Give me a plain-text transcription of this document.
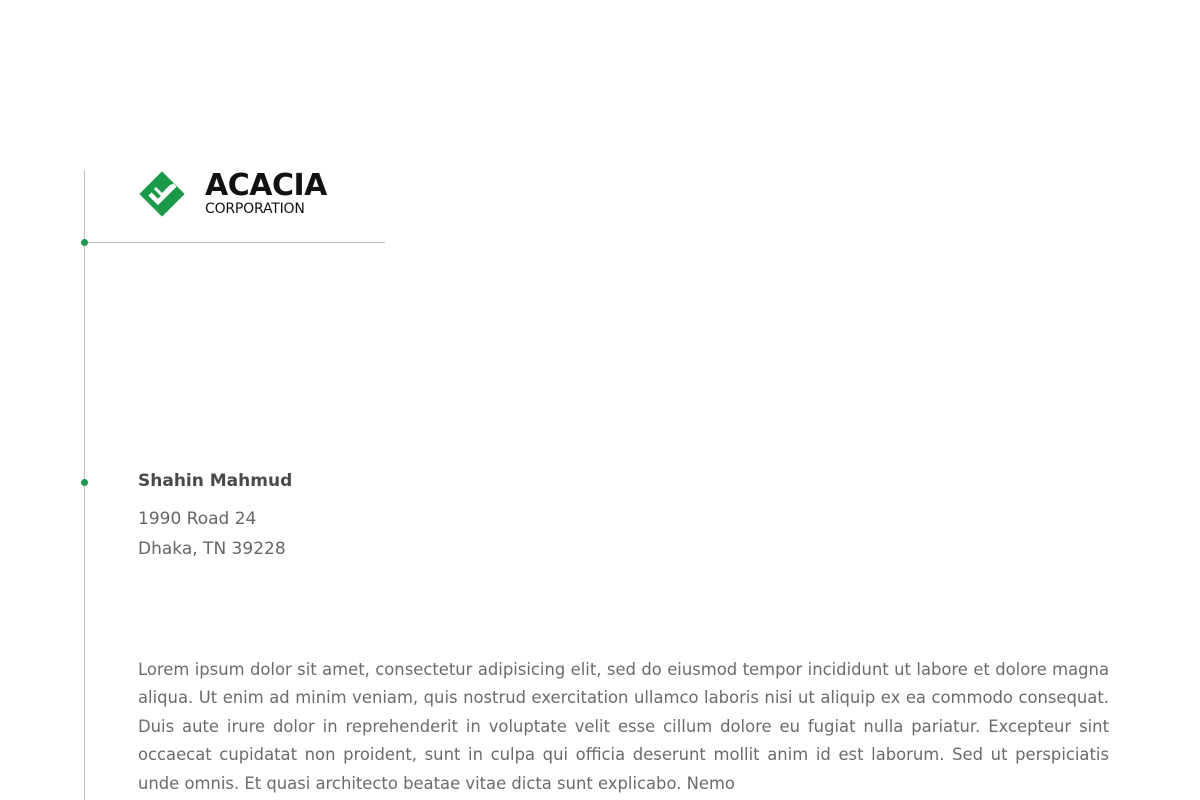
ACACIA
CORPORATION
Shahin Mahmud
1990 Road 24
Dhaka, TN 39228

Lorem ipsum dolor sit amet, consectetur adipisicing elit, sed do eiusmod tempor incididunt ut labore et dolore magna aliqua. Ut enim ad minim veniam, quis nostrud exercitation ullamco laboris nisi ut aliquip ex ea commodo consequat. Duis aute irure dolor in reprehenderit in voluptate velit esse cillum dolore eu fugiat nulla pariatur. Excepteur sint occaecat cupidatat non proident, sunt in culpa qui officia deserunt mollit anim id est laborum. Sed ut perspiciatis unde omnis. Et quasi architecto beatae vitae dicta sunt explicabo. Nemo
